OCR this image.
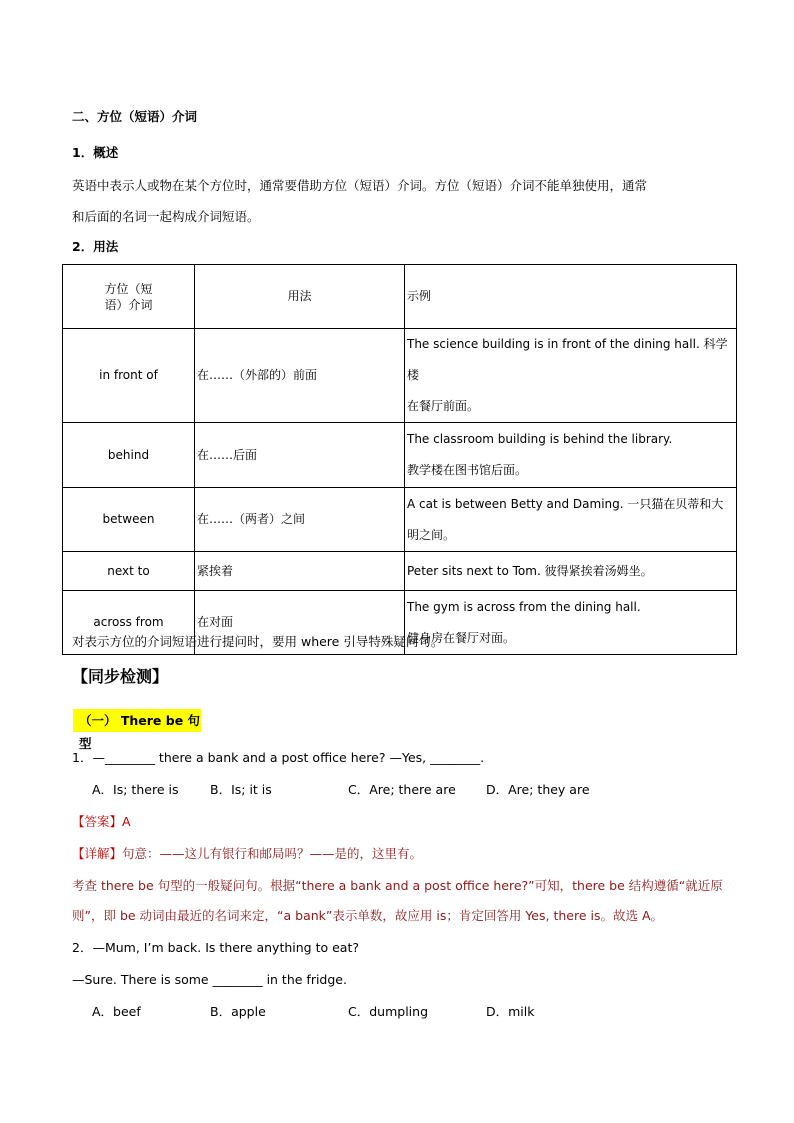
二、方位（短语）介词
1．概述
英语中表示人或物在某个方位时，通常要借助方位（短语）介词。方位（短语）介词不能单独使用，通常
和后面的名词一起构成介词短语。
2．用法
方位（短
语）介词	用法	示例
in front of	在……（外部的）前面	The science building is in front of the dining hall. 科学楼
在餐厅前面。

behind	在……后面	The classroom building is behind the library.
教学楼在图书馆后面。

between	在……（两者）之间	A cat is between Betty and Daming. 一只猫在贝蒂和大
明之间。

next to	紧挨着	Peter sits next to Tom. 彼得紧挨着汤姆坐。
across from	在对面	The gym is across from the dining hall.
健身房在餐厅对面。
对表示方位的介词短语进行提问时，要用 where 引导特殊疑问句。
【同步检测】
（一） There be 句型
1．—________ there a bank and a post office here? —Yes, ________.
A．Is; there is	B．Is; it is	C．Are; there are D．Are; they are
【答案】A
【详解】句意：——这儿有银行和邮局吗？——是的，这里有。
考查 there be 句型的一般疑问句。根据“there a bank and a post office here?”可知，there be 结构遵循“就近原
则”，即 be 动词由最近的名词来定，“a bank”表示单数，故应用 is；肯定回答用 Yes, there is。故选 A。
2．—Mum, I’m back. Is there anything to eat?
—Sure. There is some ________ in the fridge.
A．beef	B．apple	C．dumpling	D．milk
